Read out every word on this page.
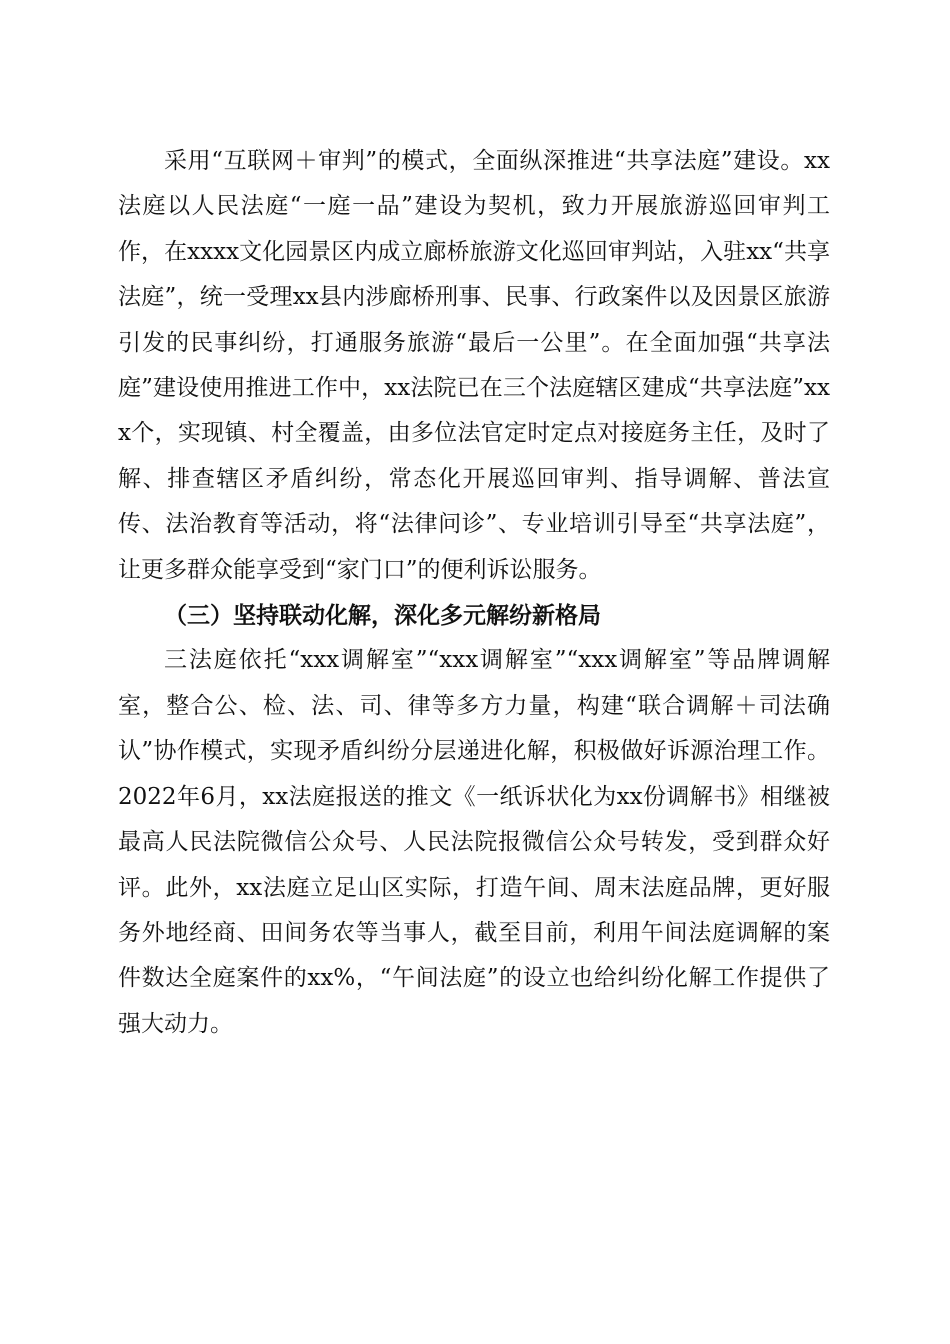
采用“互联网＋审判”的模式，全面纵深推进“共享法庭”建设。xx法庭以人民法庭“一庭一品”建设为契机，致力开展旅游巡回审判工作，在xxxx文化园景区内成立廊桥旅游文化巡回审判站，入驻xx“共享法庭”，统一受理xx县内涉廊桥刑事、民事、行政案件以及因景区旅游引发的民事纠纷，打通服务旅游“最后一公里”。在全面加强“共享法庭”建设使用推进工作中，xx法院已在三个法庭辖区建成“共享法庭”xxx个，实现镇、村全覆盖，由多位法官定时定点对接庭务主任，及时了解、排查辖区矛盾纠纷，常态化开展巡回审判、指导调解、普法宣传、法治教育等活动，将“法律问诊”、专业培训引导至“共享法庭”，让更多群众能享受到“家门口”的便利诉讼服务。

（三）坚持联动化解，深化多元解纷新格局

三法庭依托“xxx调解室”“xxx调解室”“xxx调解室”等品牌调解室，整合公、检、法、司、律等多方力量，构建“联合调解＋司法确认”协作模式，实现矛盾纠纷分层递进化解，积极做好诉源治理工作。2022年6月，xx法庭报送的推文《一纸诉状化为xx份调解书》相继被最高人民法院微信公众号、人民法院报微信公众号转发，受到群众好评。此外，xx法庭立足山区实际，打造午间、周末法庭品牌，更好服务外地经商、田间务农等当事人，截至目前，利用午间法庭调解的案件数达全庭案件的xx%，“午间法庭”的设立也给纠纷化解工作提供了强大动力。
